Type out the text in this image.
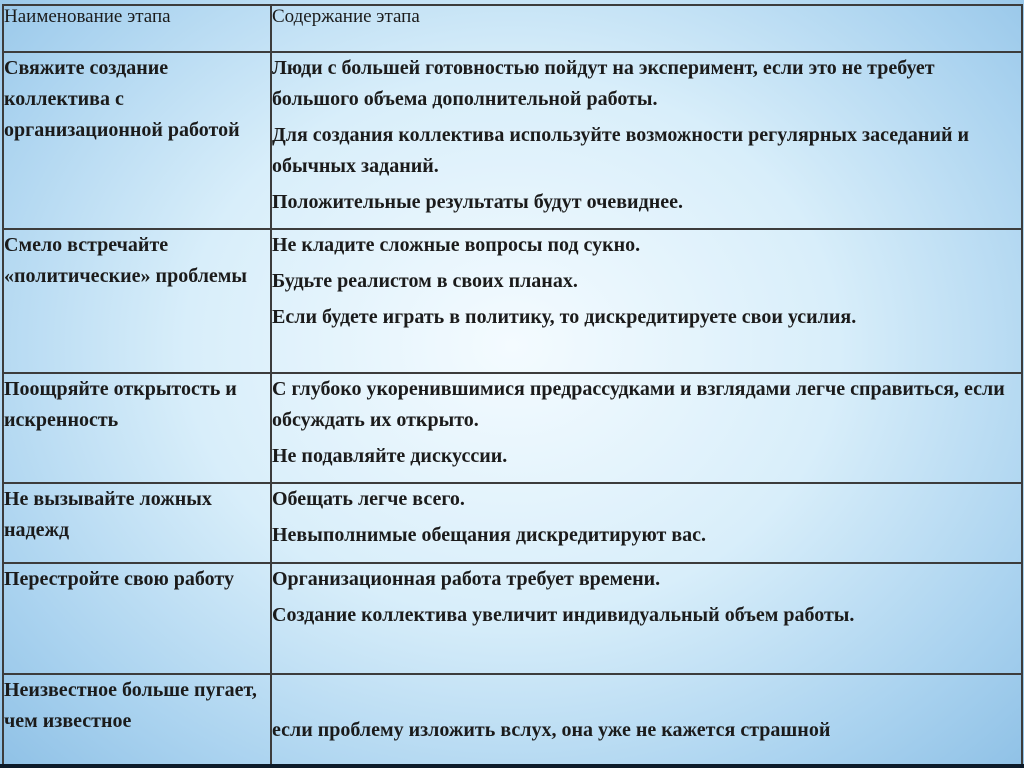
Наименование этапа	Содержание этапа
Свяжите создание коллектива с организационной работой	Люди с большей готовностью пойдут на эксперимент, если это не требует большого объема дополнительной работы.
Для создания коллектива используйте возможности регулярных заседаний и обычных заданий.
Положительные результаты будут очевиднее.

Смело встречайте «политические» проблемы	Не кладите сложные вопросы под сукно.
Будьте реалистом в своих планах.
Если будете играть в политику, то дискредитируете свои усилия.

Поощряйте открытость и искренность	С глубоко укоренившимися предрассудками и взглядами легче справиться, если обсуждать их открыто.
Не подавляйте дискуссии.

Не вызывайте ложных надежд	Обещать легче всего.
Невыполнимые обещания дискредитируют вас.

Перестройте свою работу	Организационная работа требует времени.
Создание коллектива увеличит индивидуальный объем работы.

Неизвестное больше пугает, чем известное	если проблему изложить вслух, она уже не кажется страшной
